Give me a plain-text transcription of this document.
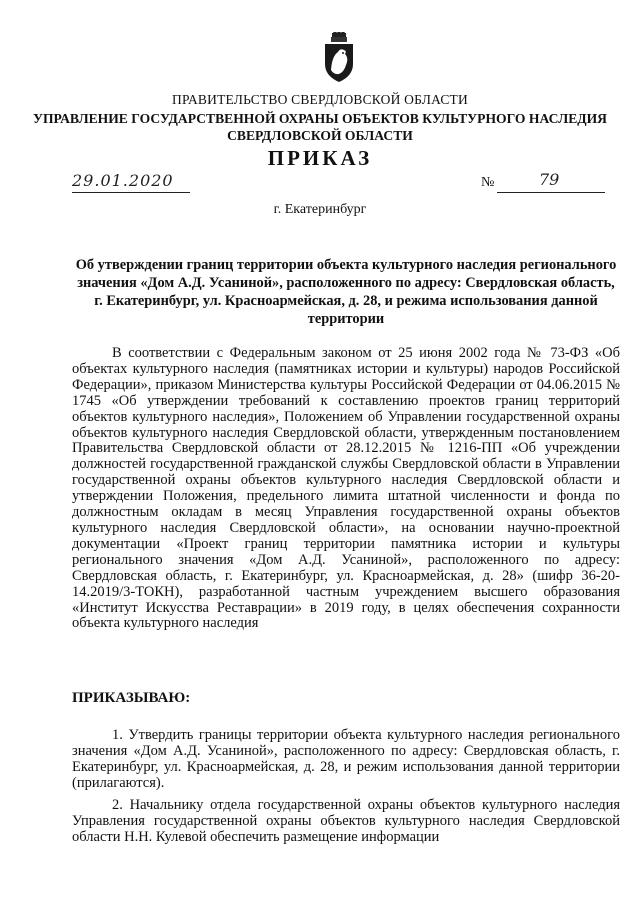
ПРАВИТЕЛЬСТВО СВЕРДЛОВСКОЙ ОБЛАСТИ
УПРАВЛЕНИЕ ГОСУДАРСТВЕННОЙ ОХРАНЫ ОБЪЕКТОВ КУЛЬТУРНОГО НАСЛЕДИЯ СВЕРДЛОВСКОЙ ОБЛАСТИ
ПРИКАЗ
29.01.2020	№	79
г. Екатеринбург
Об утверждении границ территории объекта культурного наследия регионального значения «Дом А.Д. Усаниной», расположенного по адресу: Свердловская область, г. Екатеринбург, ул. Красноармейская, д. 28, и режима использования данной территории

В соответствии с Федеральным законом от 25 июня 2002 года № 73-ФЗ «Об объектах культурного наследия (памятниках истории и культуры) народов Российской Федерации», приказом Министерства культуры Российской Федерации от 04.06.2015 № 1745 «Об утверждении требований к составлению проектов границ территорий объектов культурного наследия», Положением об Управлении государственной охраны объектов культурного наследия Свердловской области, утвержденным постановлением Правительства Свердловской области от 28.12.2015 № 1216-ПП «Об учреждении должностей государственной гражданской службы Свердловской области в Управлении государственной охраны объектов культурного наследия Свердловской области и утверждении Положения, предельного лимита штатной численности и фонда по должностным окладам в месяц Управления государственной охраны объектов культурного наследия Свердловской области», на основании научно-проектной документации «Проект границ территории памятника истории и культуры регионального значения «Дом А.Д. Усаниной», расположенного по адресу: Свердловская область, г. Екатеринбург, ул. Красноармейская, д. 28» (шифр 36-20-14.2019/3-ТОКН), разработанной частным учреждением высшего образования «Институт Искусства Реставрации» в 2019 году, в целях обеспечения сохранности объекта культурного наследия

ПРИКАЗЫВАЮ:

1. Утвердить границы территории объекта культурного наследия регионального значения «Дом А.Д. Усаниной», расположенного по адресу: Свердловская область, г. Екатеринбург, ул. Красноармейская, д. 28, и режим использования данной территории (прилагаются).

2. Начальнику отдела государственной охраны объектов культурного наследия Управления государственной охраны объектов культурного наследия Свердловской области Н.Н. Кулевой обеспечить размещение информации
